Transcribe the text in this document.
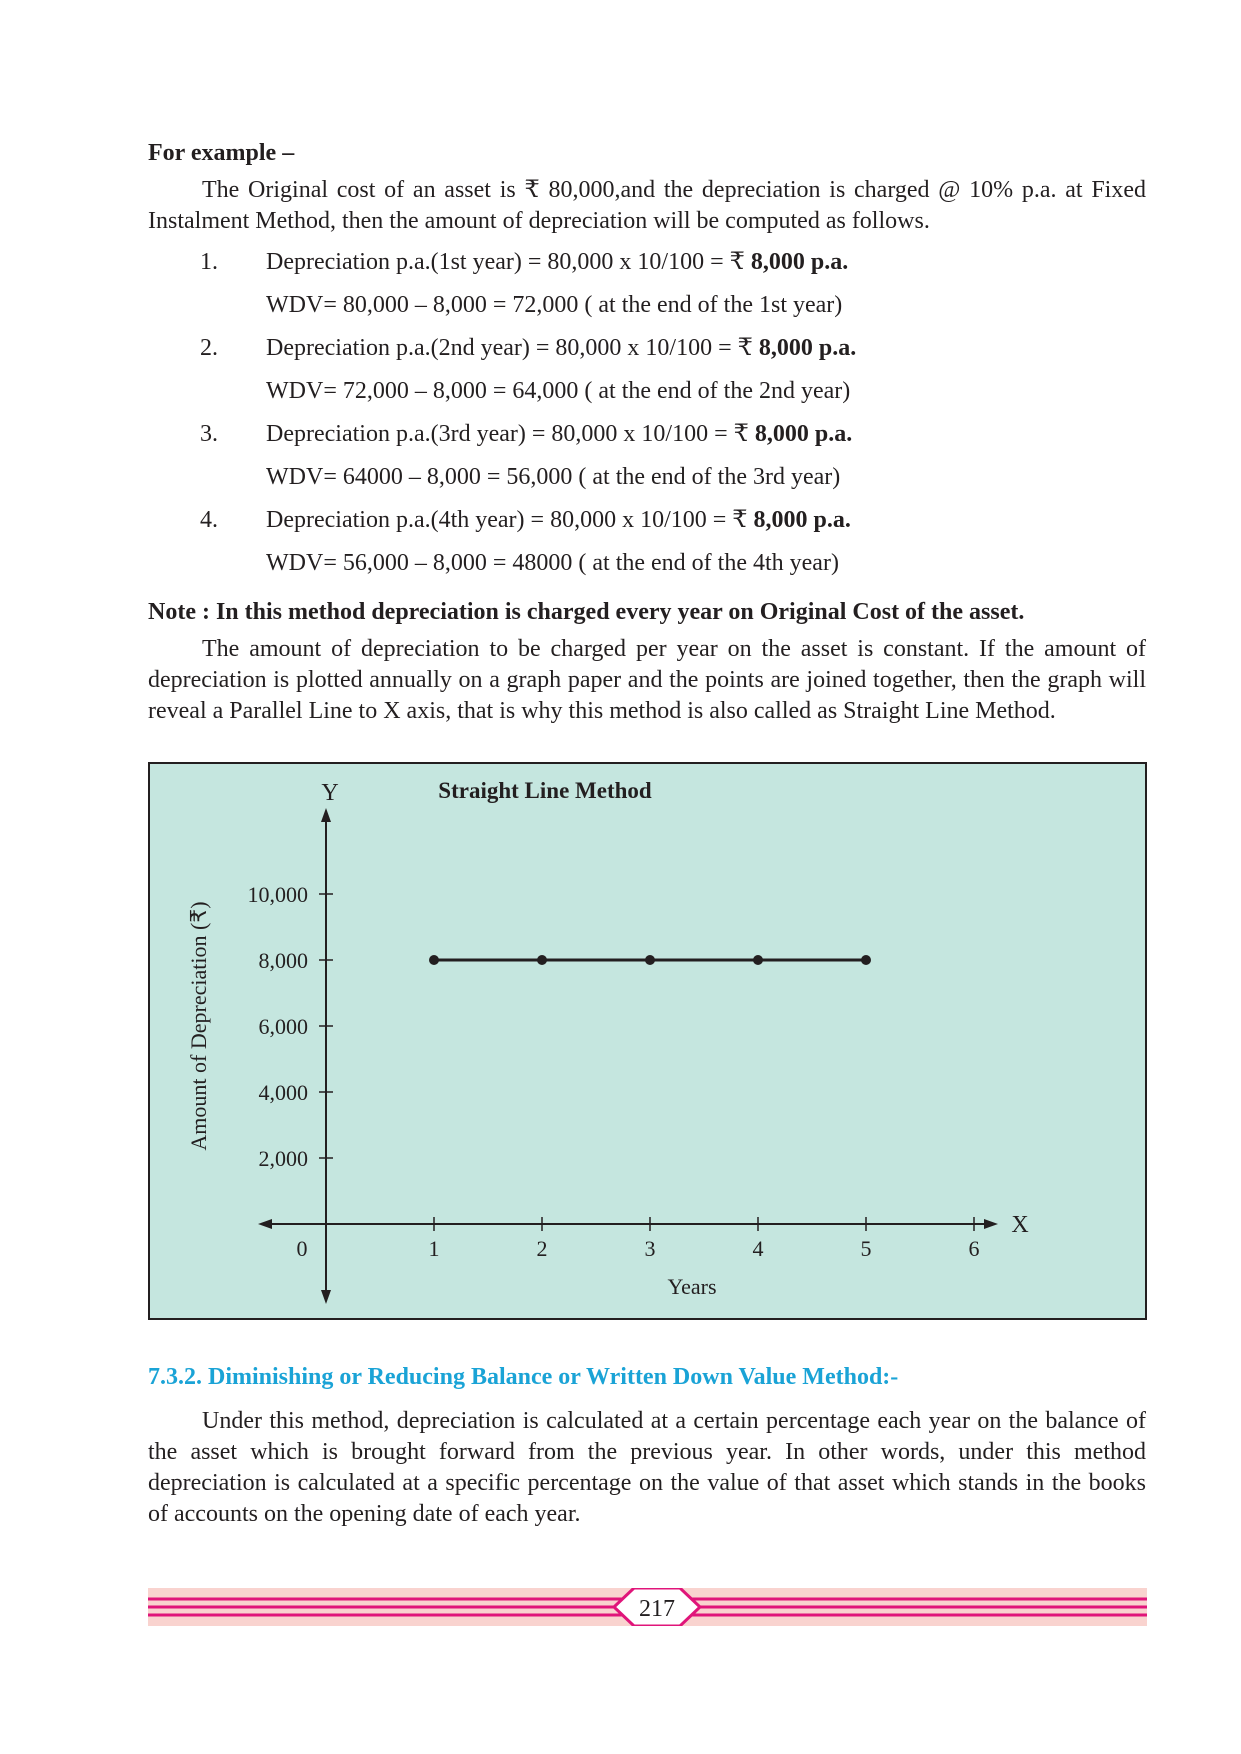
For example –

The Original cost of an asset is ₹ 80,000,and the depreciation is charged @ 10% p.a. at Fixed Instalment Method, then the amount of depreciation will be computed as follows.

1. Depreciation p.a.(1st year) = 80,000 x 10/100 = ₹ 8,000 p.a.
WDV= 80,000 – 8,000 = 72,000 ( at the end of the 1st year)
2. Depreciation p.a.(2nd year) = 80,000 x 10/100 = ₹ 8,000 p.a.
WDV= 72,000 – 8,000 = 64,000 ( at the end of the 2nd year)
3. Depreciation p.a.(3rd year) = 80,000 x 10/100 = ₹ 8,000 p.a.
WDV= 64000 – 8,000 = 56,000 ( at the end of the 3rd year)
4. Depreciation p.a.(4th year) = 80,000 x 10/100 = ₹ 8,000 p.a.
WDV= 56,000 – 8,000 = 48000 ( at the end of the 4th year)
Note : In this method depreciation is charged every year on Original Cost of the asset.

The amount of depreciation to be charged per year on the asset is constant. If the amount of depreciation is plotted annually on a graph paper and the points are joined together, then the graph will reveal a Parallel Line to X axis, that is why this method is also called as Straight Line Method.

Y
X
Straight Line Method
Years
Amount of Depreciation (₹)
0	1	2	3	4	5	6
2,000
4,000
6,000
8,000
10,000
7.3.2. Diminishing or Reducing Balance or Written Down Value Method:-

Under this method, depreciation is calculated at a certain percentage each year on the balance of the asset which is brought forward from the previous year. In other words, under this method depreciation is calculated at a specific percentage on the value of that asset which stands in the books of accounts on the opening date of each year.

217
